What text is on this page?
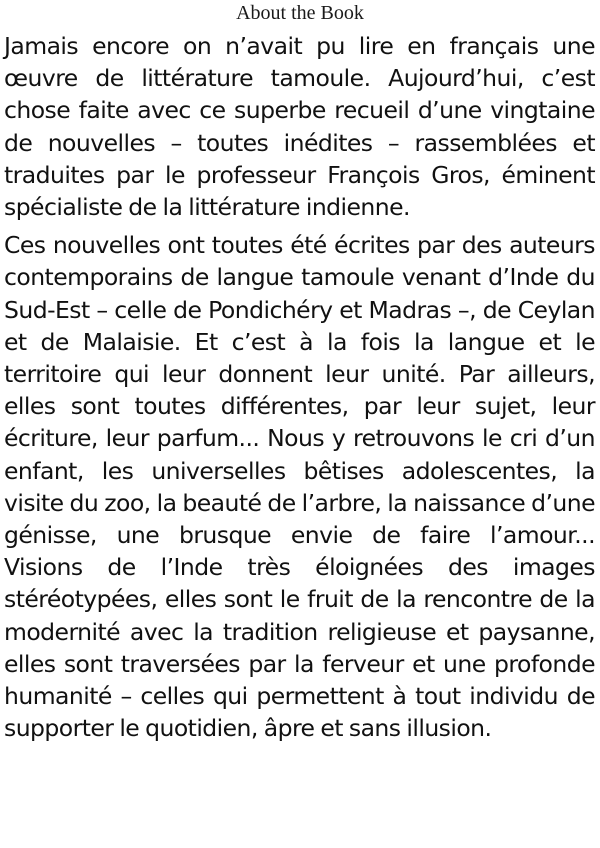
About the Book

Jamais encore on n’avait pu lire en français une œuvre de littérature tamoule. Aujourd’hui, c’est chose faite avec ce superbe recueil d’une vingtaine de nouvelles – toutes inédites – rassemblées et traduites par le professeur François Gros, éminent spécialiste de la littérature indienne.

Ces nouvelles ont toutes été écrites par des auteurs contemporains de langue tamoule venant d’Inde du Sud-Est – celle de Pondichéry et Madras –, de Ceylan et de Malaisie. Et c’est à la fois la langue et le territoire qui leur donnent leur unité. Par ailleurs, elles sont toutes différentes, par leur sujet, leur écriture, leur parfum... Nous y retrouvons le cri d’un enfant, les universelles bêtises adolescentes, la visite du zoo, la beauté de l’arbre, la naissance d’une génisse, une brusque envie de faire l’amour... Visions de l’Inde très éloignées des images stéréotypées, elles sont le fruit de la rencontre de la modernité avec la tradition religieuse et paysanne, elles sont traversées par la ferveur et une profonde humanité – celles qui permettent à tout individu de supporter le quotidien, âpre et sans illusion.
